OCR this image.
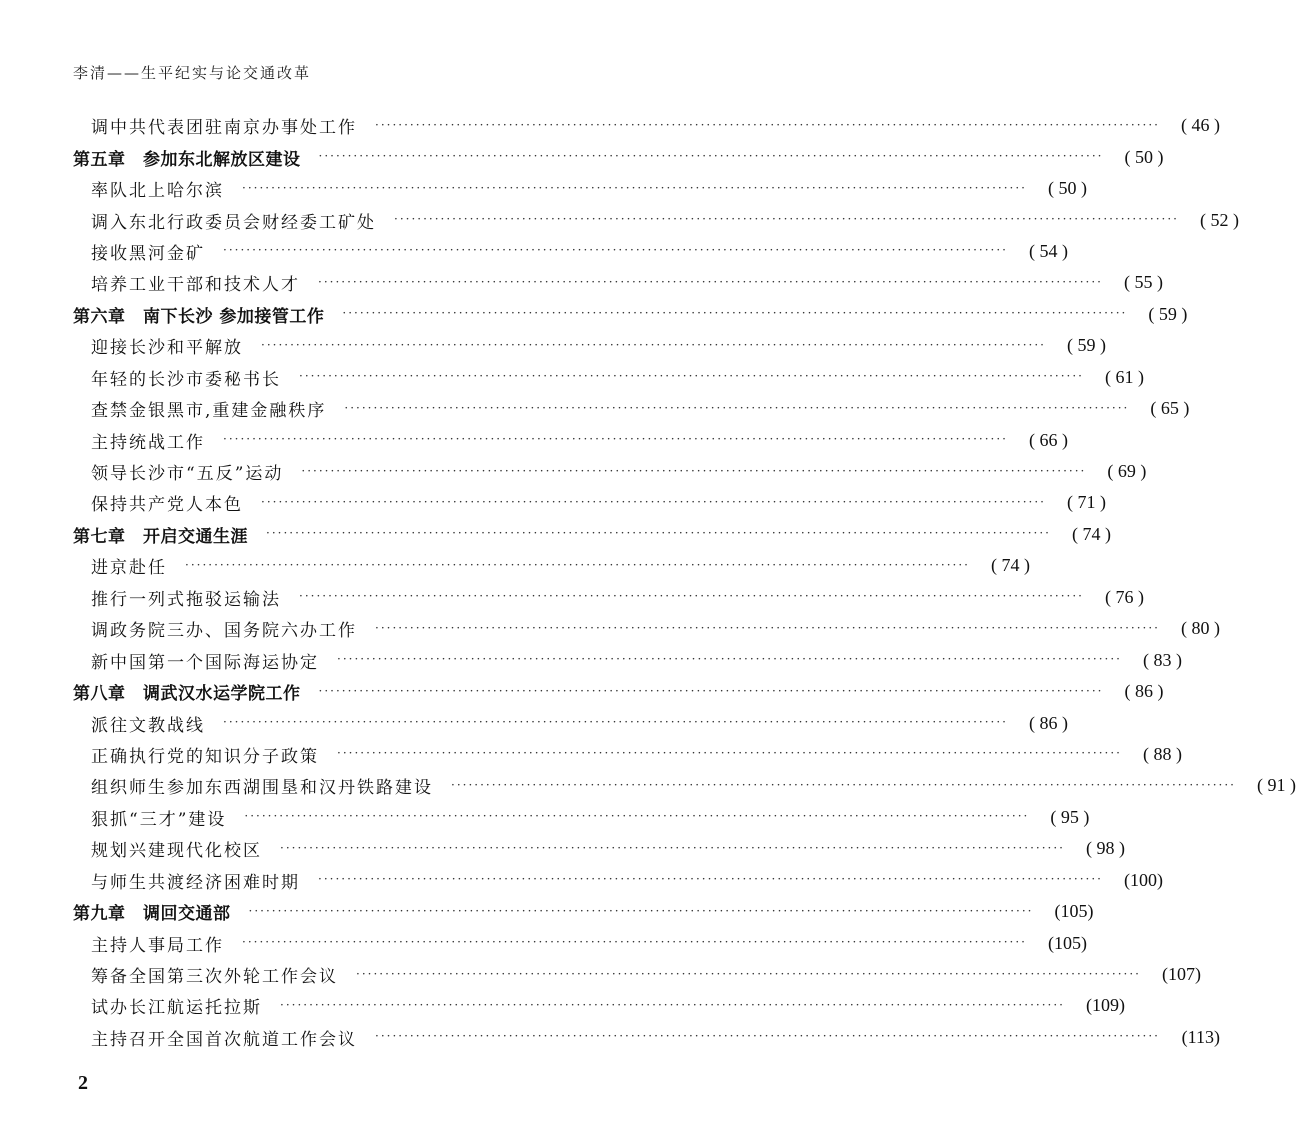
李清——生平纪实与论交通改革
调中共代表团驻南京办事处工作 ·······································································································································	( 46 )
第五章　参加东北解放区建设 ·······································································································································	( 50 )
率队北上哈尔滨 ·······································································································································	( 50 )
调入东北行政委员会财经委工矿处 ·······································································································································	( 52 )
接收黑河金矿 ·······································································································································	( 54 )
培养工业干部和技术人才 ·······································································································································	( 55 )
第六章　南下长沙 参加接管工作 ·······································································································································	( 59 )
迎接长沙和平解放 ·······································································································································	( 59 )
年轻的长沙市委秘书长 ·······································································································································	( 61 )
查禁金银黑市,重建金融秩序 ·······································································································································	( 65 )
主持统战工作 ·······································································································································	( 66 )
领导长沙市“五反”运动 ·······································································································································	( 69 )
保持共产党人本色 ·······································································································································	( 71 )
第七章　开启交通生涯 ·······································································································································	( 74 )
进京赴任 ·······································································································································	( 74 )
推行一列式拖驳运输法 ·······································································································································	( 76 )
调政务院三办、国务院六办工作 ·······································································································································	( 80 )
新中国第一个国际海运协定 ·······································································································································	( 83 )
第八章　调武汉水运学院工作 ·······································································································································	( 86 )
派往文教战线 ·······································································································································	( 86 )
正确执行党的知识分子政策 ·······································································································································	( 88 )
组织师生参加东西湖围垦和汉丹铁路建设 ·······································································································································	( 91 )
狠抓“三才”建设 ·······································································································································	( 95 )
规划兴建现代化校区 ·······································································································································	( 98 )
与师生共渡经济困难时期 ·······································································································································	(100)
第九章　调回交通部 ·······································································································································	(105)
主持人事局工作 ·······································································································································	(105)
筹备全国第三次外轮工作会议 ·······································································································································	(107)
试办长江航运托拉斯 ·······································································································································	(109)
主持召开全国首次航道工作会议 ·······································································································································	(113)
2
